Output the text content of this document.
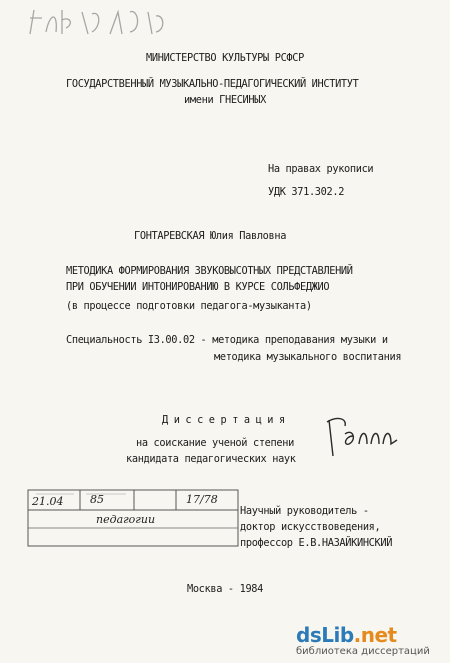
МИНИСТЕРСТВО КУЛЬТУРЫ РСФСР
ГОСУДАРСТВЕННЫЙ МУЗЫКАЛЬНО-ПЕДАГОГИЧЕСКИЙ ИНСТИТУТ
имени ГНЕСИНЫХ
На правах рукописи
УДК 371.302.2
ГОНТАРЕВСКАЯ Юлия Павловна
МЕТОДИКА ФОРМИРОВАНИЯ ЗВУКОВЫСОТНЫХ ПРЕДСТАВЛЕНИЙ
ПРИ ОБУЧЕНИИ ИНТОНИРОВАНИЮ В КУРСЕ СОЛЬФЕДЖИО
(в процессе подготовки педагога-музыканта)
Специальность I3.00.02 - методика преподавания музыки и
методика музыкального воспитания
Д и с с е р т а ц и я
на соискание ученой степени
кандидата педагогических наук
21.04 85	17/78
педагогии
Научный руководитель -
доктор искусствоведения,
профессор Е.В.НАЗАЙКИНСКИЙ
Москва - 1984
dsLib.net
библиотека диссертаций
